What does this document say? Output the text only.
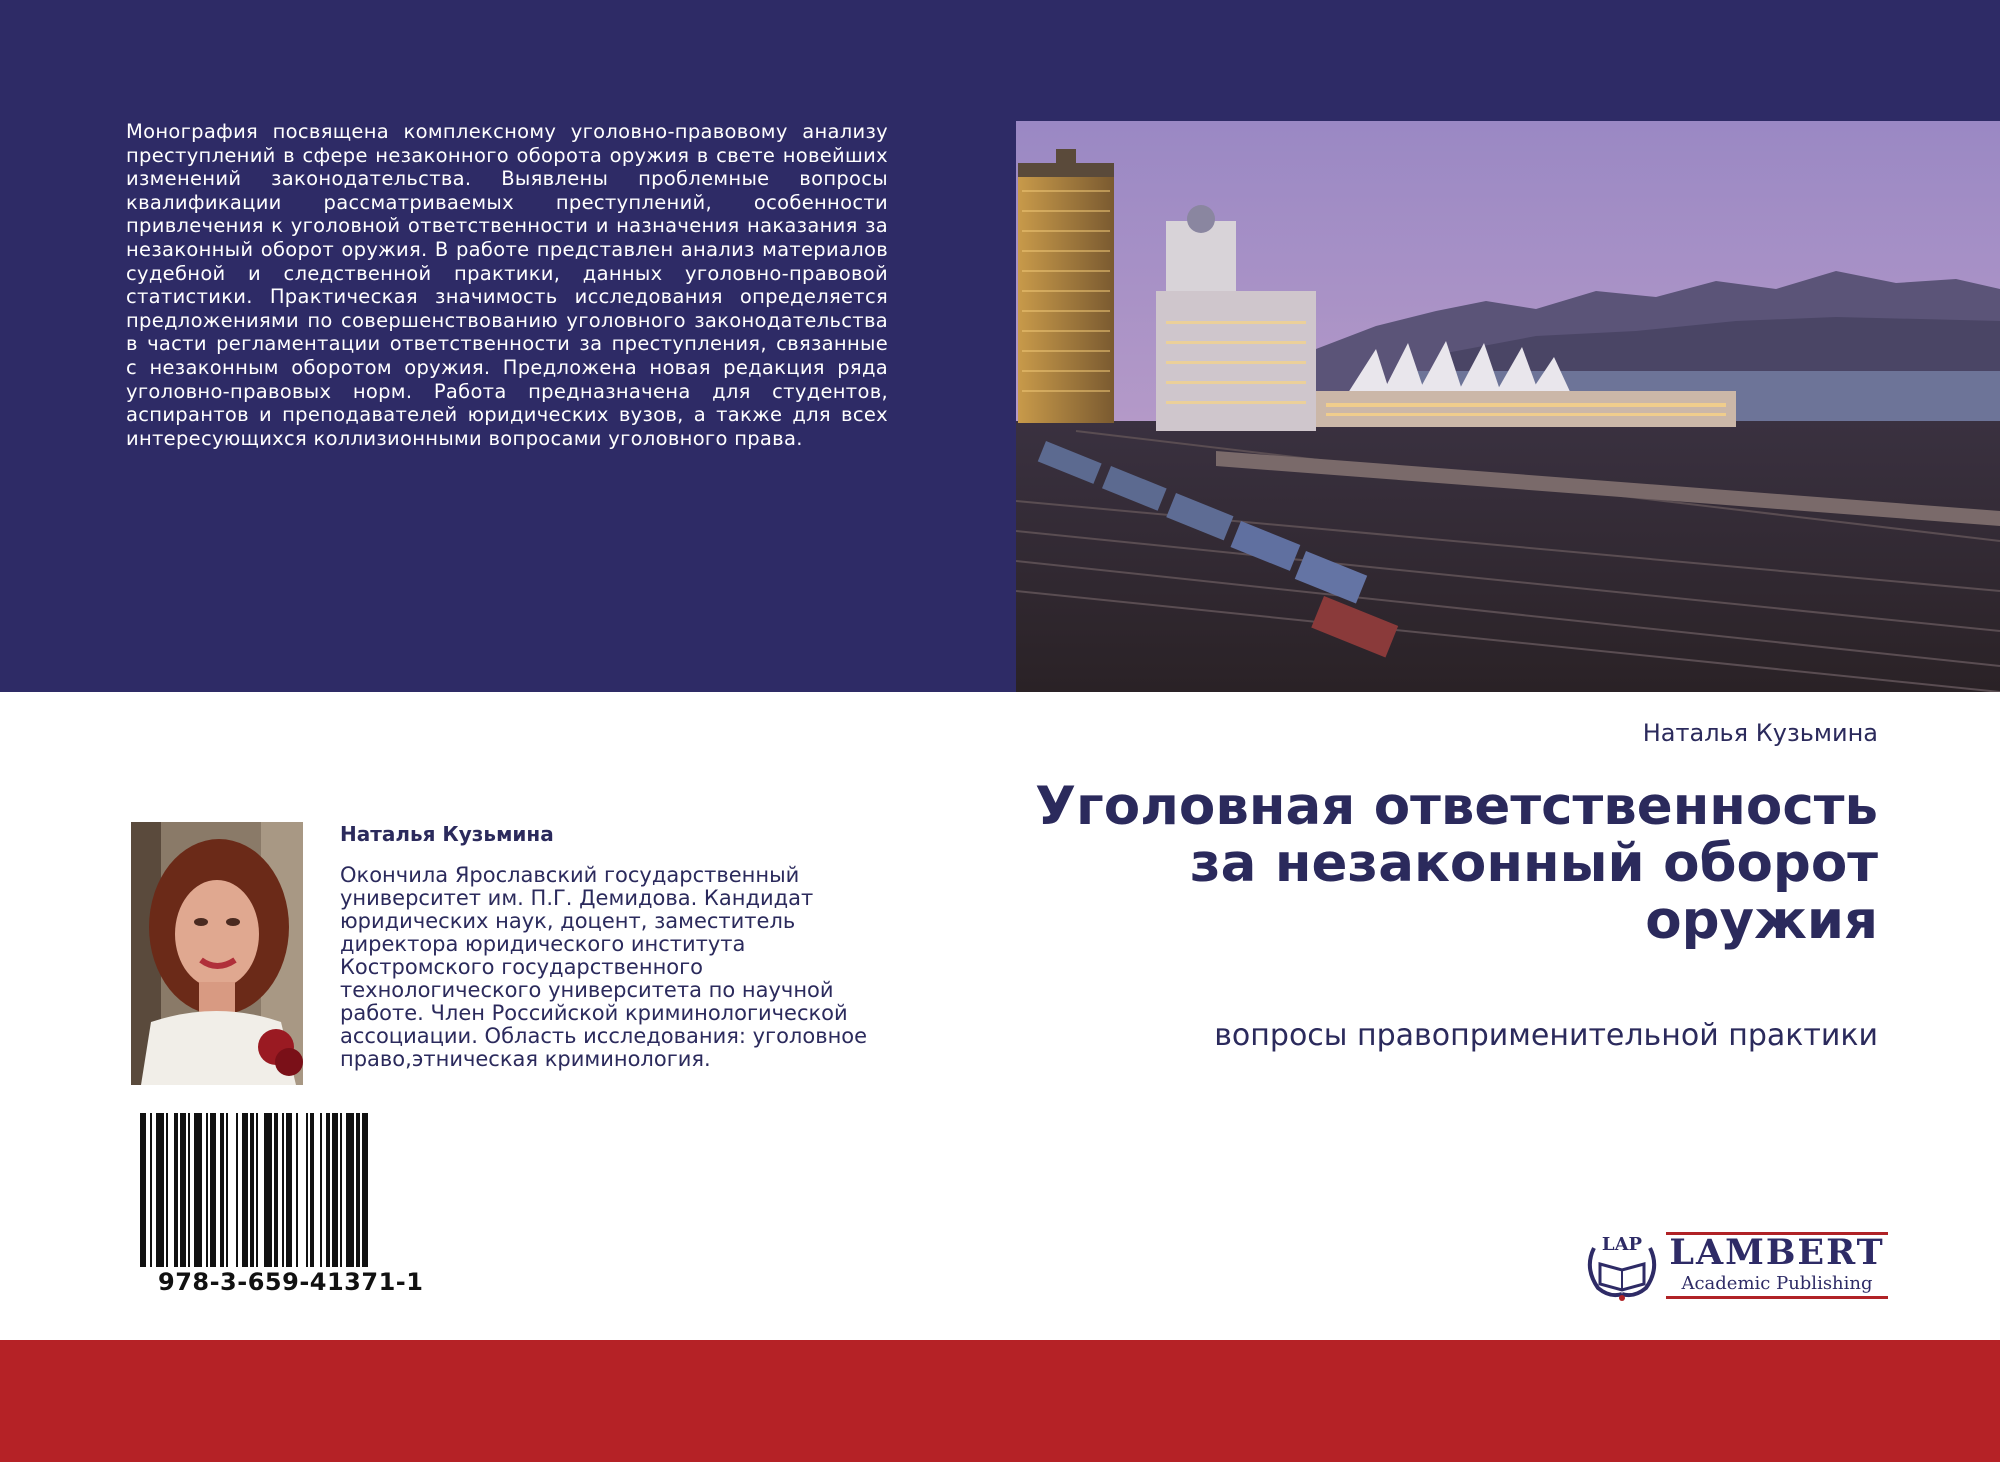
Монография посвящена комплексному уголовно-правовому анализу преступлений в сфере незаконного оборота оружия в свете новейших изменений законодательства. Выявлены проблемные вопросы квалификации рассматриваемых преступлений, особенности привлечения к уголовной ответственности и назначения наказания за незаконный оборот оружия. В работе представлен анализ материалов судебной и следственной практики, данных уголовно-правовой статистики. Практическая значимость исследования определяется предложениями по совершенствованию уголовного законодательства в части регламентации ответственности за преступления, связанные с незаконным оборотом оружия. Предложена новая редакция ряда уголовно-правовых норм. Работа предназначена для студентов, аспирантов и преподавателей юридических вузов, а также для всех интересующихся коллизионными вопросами уголовного права.
Наталья Кузьмина
Уголовная ответственность за незаконный оборот оружия
вопросы правоприменительной практики
Наталья Кузьмина
Окончила Ярославский государственный университет им. П.Г. Демидова. Кандидат юридических наук, доцент, заместитель директора юридического института Костромского государственного технологического университета по научной работе. Член Российской криминологической ассоциации. Область исследования: уголовное право,этническая криминология.
978-3-659-41371-1
LAP LAMBERT
Academic Publishing
